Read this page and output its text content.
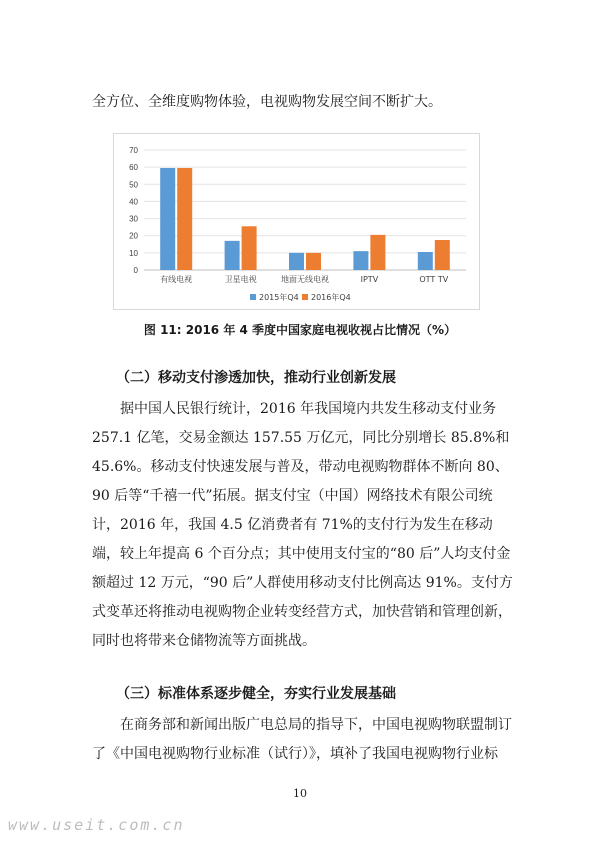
全方位、全维度购物体验，电视购物发展空间不断扩大。

0
10
20
30
40
50
60
70
有线电视	卫星电视	地面无线电视	IPTV	OTT TV
2015年Q4 2016年Q4
图 11: 2016 年 4 季度中国家庭电视收视占比情况（%）
（二）移动支付渗透加快，推动行业创新发展

据中国人民银行统计，2016 年我国境内共发生移动支付业务 257.1 亿笔，交易金额达 157.55 万亿元，同比分别增长 85.8%和 45.6%。移动支付快速发展与普及，带动电视购物群体不断向 80、90 后等“千禧一代”拓展。据支付宝（中国）网络技术有限公司统计，2016 年，我国 4.5 亿消费者有 71%的支付行为发生在移动端，较上年提高 6 个百分点；其中使用支付宝的“80 后”人均支付金额超过 12 万元，“90 后”人群使用移动支付比例高达 91%。支付方式变革还将推动电视购物企业转变经营方式，加快营销和管理创新，同时也将带来仓储物流等方面挑战。

（三）标准体系逐步健全，夯实行业发展基础

在商务部和新闻出版广电总局的指导下，中国电视购物联盟制订了《中国电视购物行业标准（试行）》，填补了我国电视购物行业标

10
www.useit.com.cn
